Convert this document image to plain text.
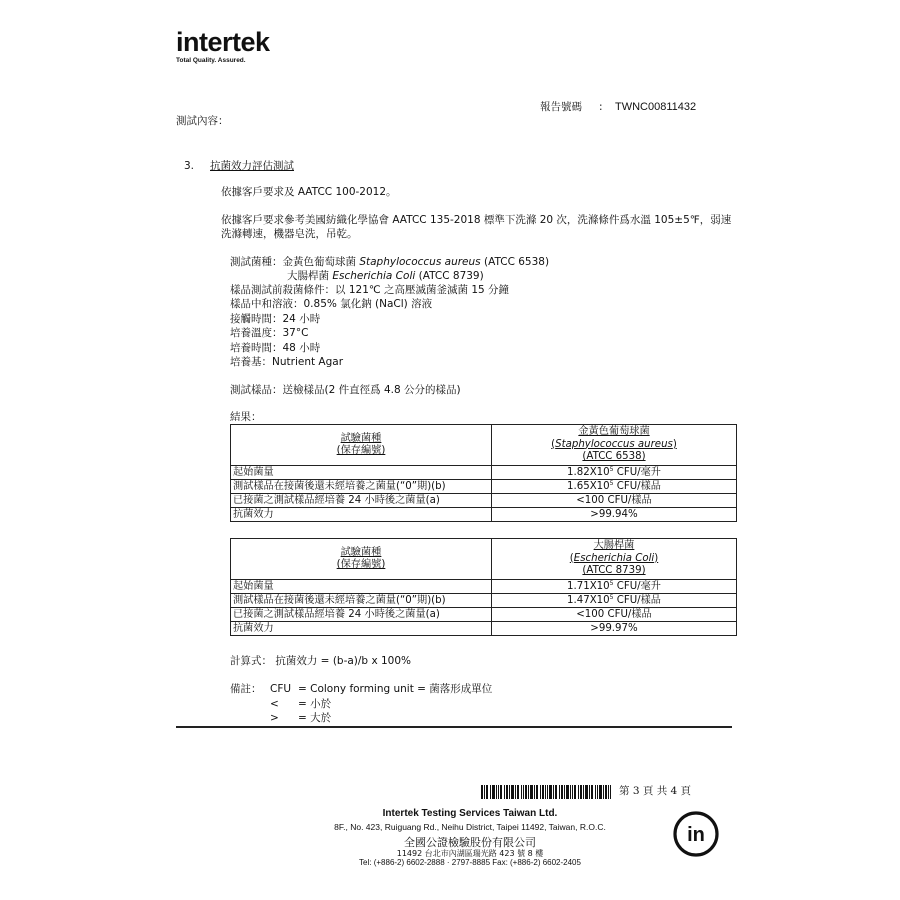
intertek
Total Quality. Assured.
報告號碼 : TWNC00811432
測試內容：
3. 抗菌效力評估測試
依據客戶要求及 AATCC 100-2012。
依據客戶要求參考美國紡織化學協會 AATCC 135-2018 標準下洗滌 20 次，洗滌條件爲水溫 105±5℉，弱速
洗滌轉速，機器皂洗，吊乾。
測試菌種：金黃色葡萄球菌 Staphylococcus aureus (ATCC 6538)
大腸桿菌 Escherichia Coli (ATCC 8739)
樣品測試前殺菌條件：以 121℃ 之高壓滅菌釜滅菌 15 分鐘
樣品中和溶液：0.85% 氯化鈉 (NaCl) 溶液
接觸時間：24 小時
培養溫度：37°C
培養時間：48 小時
培養基：Nutrient Agar
測試樣品：送檢樣品(2 件直徑爲 4.8 公分的樣品)
結果：
試驗菌種
(保存編號)	金黃色葡萄球菌
(Staphylococcus aureus)
(ATCC 6538)

起始菌量	$1.82X10^5$ CFU/毫升
測試樣品在接菌後還未經培養之菌量(“0”期)(b)	$1.65X10^5$ CFU/樣品
已接菌之測試樣品經培養 24 小時後之菌量(a)	<100 CFU/樣品
抗菌效力	>99.94%
試驗菌種
(保存編號)	大腸桿菌
(Escherichia Coli)
(ATCC 8739)

起始菌量	$1.71X10^5$ CFU/毫升
測試樣品在接菌後還未經培養之菌量(“0”期)(b)	$1.47X10^5$ CFU/樣品
已接菌之測試樣品經培養 24 小時後之菌量(a)	<100 CFU/樣品
抗菌效力	>99.97%
計算式： 抗菌效力 = (b-a)/b x 100%
備註： CFU = Colony forming unit = 菌落形成單位
< = 小於
> = 大於
第 3 頁 共 4 頁
Intertek Testing Services Taiwan Ltd.
8F., No. 423, Ruiguang Rd., Neihu District, Taipei 11492, Taiwan, R.O.C.
全國公證檢驗股份有限公司
11492 台北市內湖區瑞光路 423 號 8 樓
Tel: (+886-2) 6602-2888 · 2797-8885 Fax: (+886-2) 6602-2405
in
